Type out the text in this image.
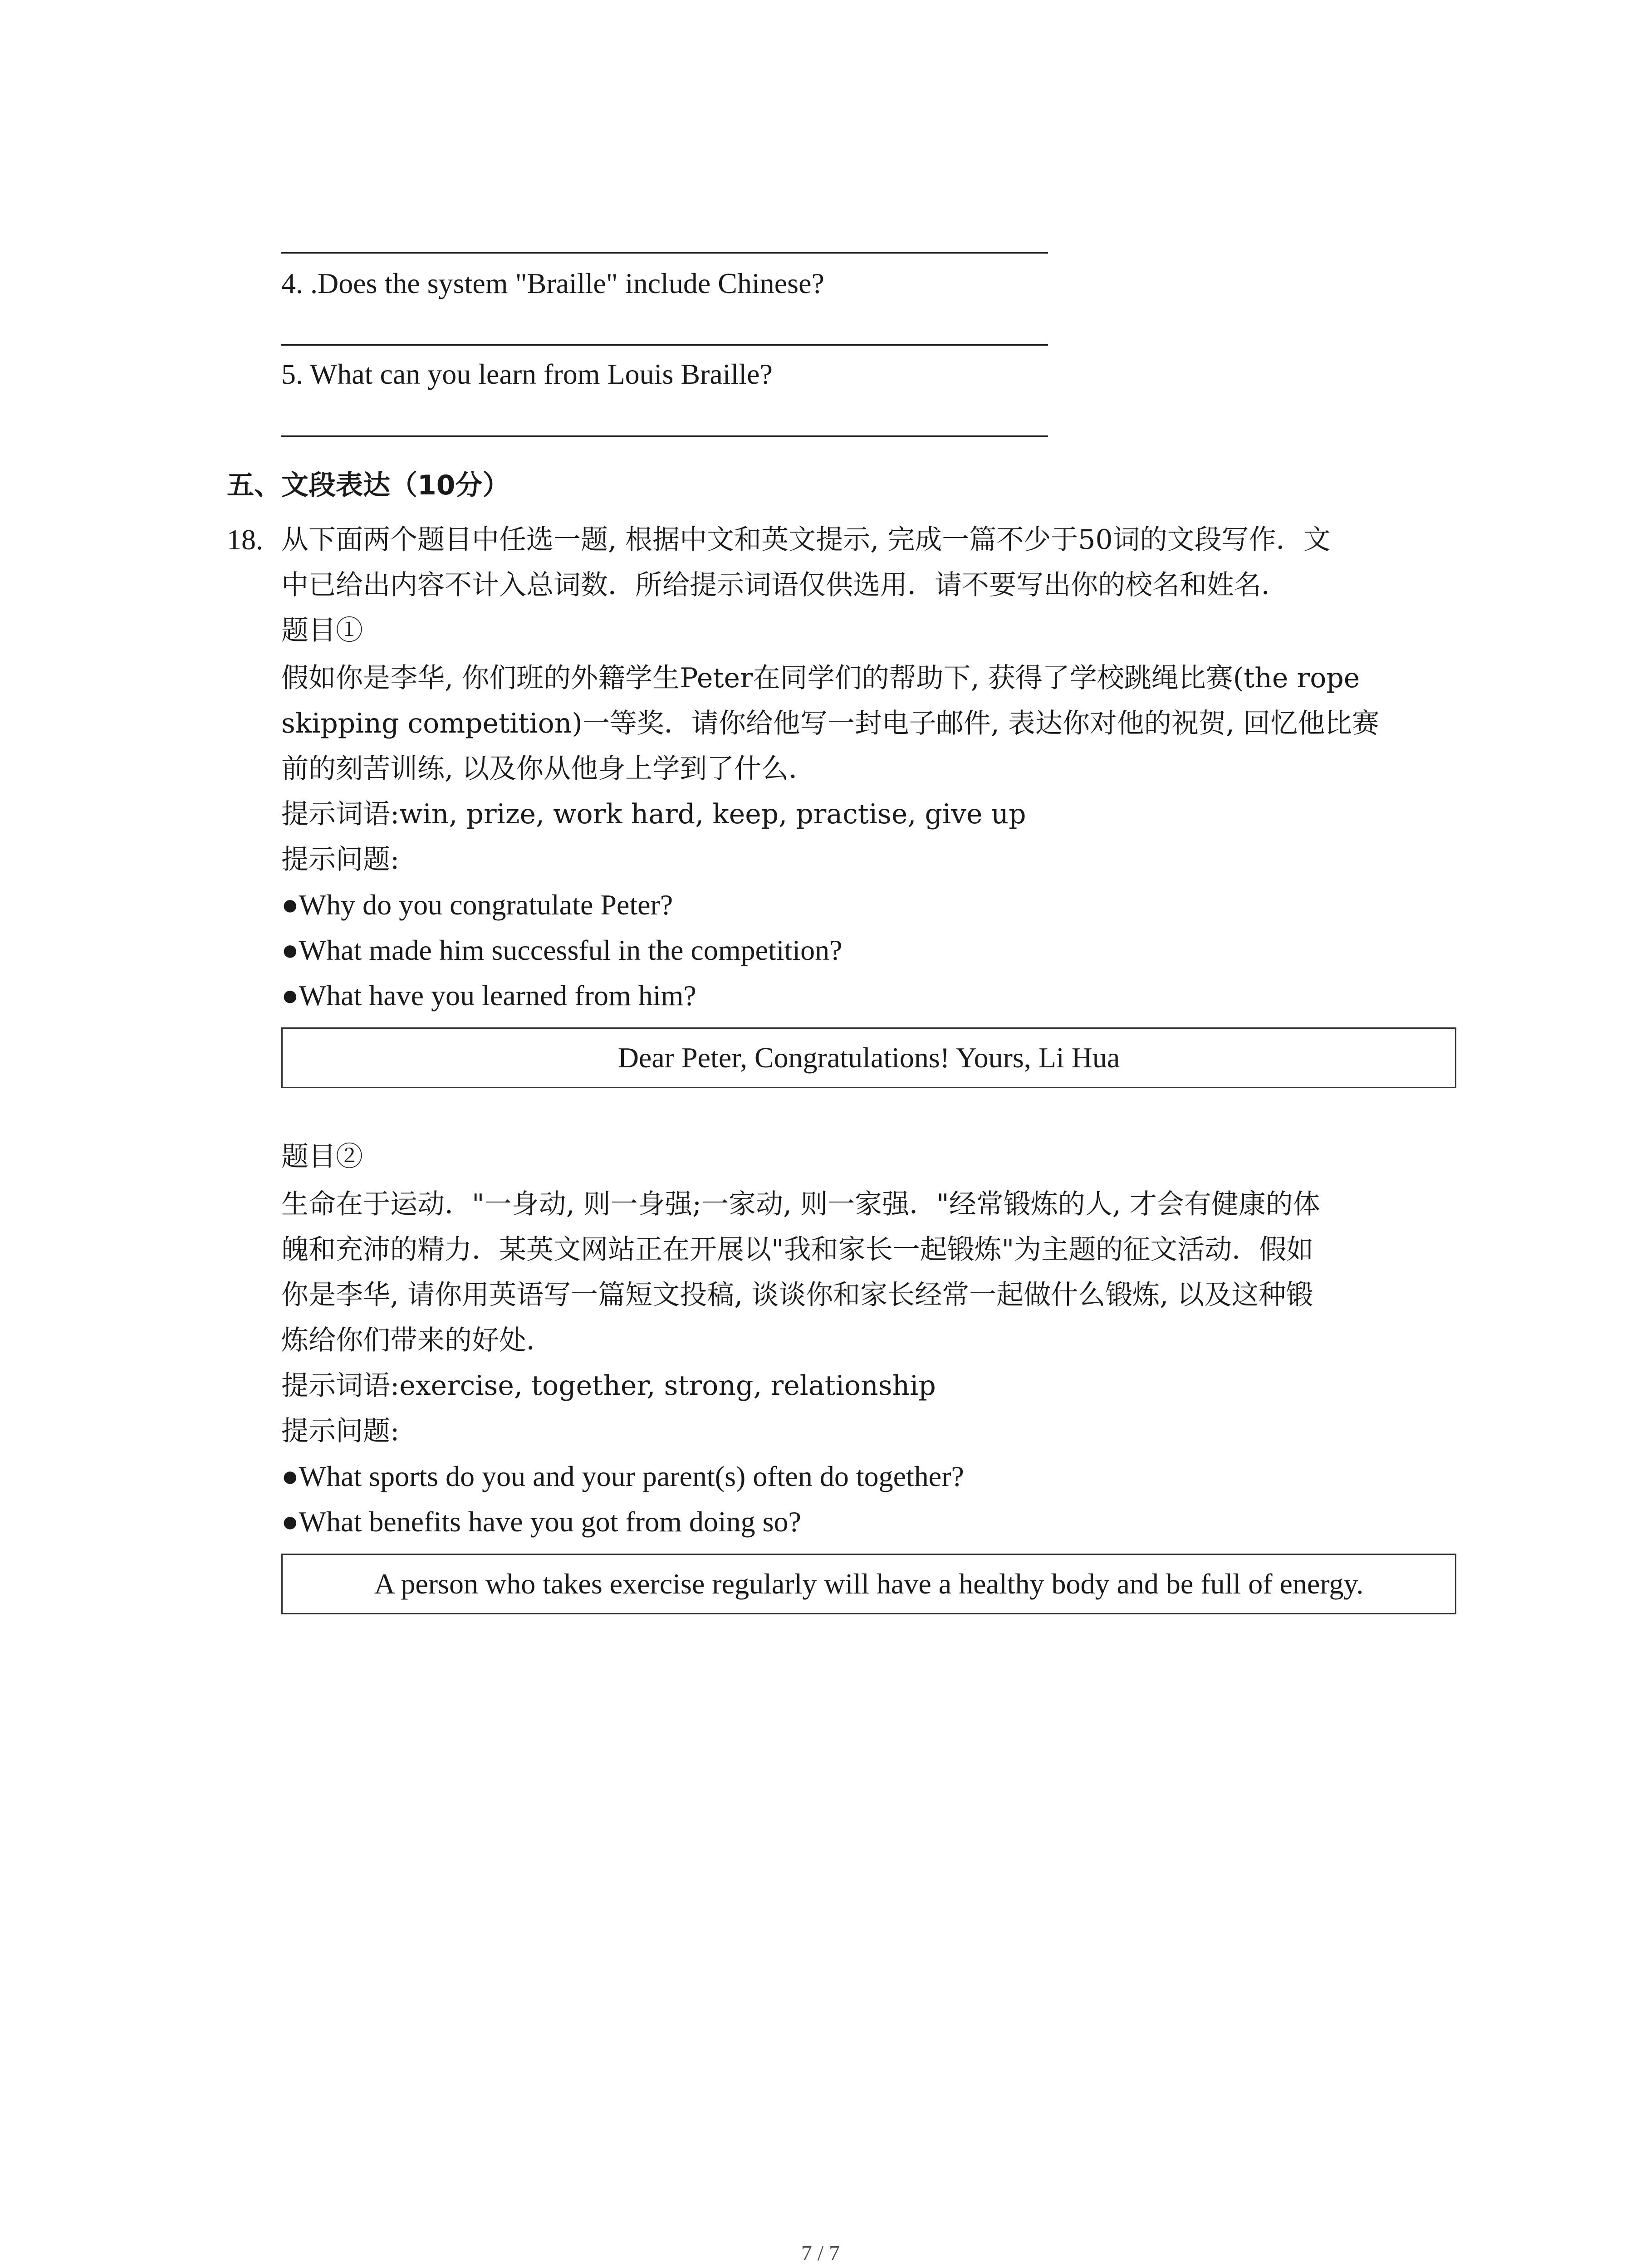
4. .Does the system "Braille" include Chinese?
5. What can you learn from Louis Braille?
五、文段表达（10分）
18. 从下面两个题目中任选一题, 根据中文和英文提示, 完成一篇不少于50词的文段写作．文
中已给出内容不计入总词数．所给提示词语仅供选用．请不要写出你的校名和姓名．
题目①
假如你是李华, 你们班的外籍学生Peter在同学们的帮助下, 获得了学校跳绳比赛(the rope
skipping competition)一等奖．请你给他写一封电子邮件, 表达你对他的祝贺, 回忆他比赛
前的刻苦训练, 以及你从他身上学到了什么．
提示词语:win, prize, work hard, keep, practise, give up
提示问题:
●Why do you congratulate Peter?
●What made him successful in the competition?
●What have you learned from him?
Dear Peter, Congratulations! Yours, Li Hua
题目②
生命在于运动．"一身动, 则一身强;一家动, 则一家强．"经常锻炼的人, 才会有健康的体
魄和充沛的精力．某英文网站正在开展以"我和家长一起锻炼"为主题的征文活动．假如
你是李华, 请你用英语写一篇短文投稿, 谈谈你和家长经常一起做什么锻炼, 以及这种锻
炼给你们带来的好处．
提示词语:exercise, together, strong, relationship
提示问题:
●What sports do you and your parent(s) often do together?
●What benefits have you got from doing so?
A person who takes exercise regularly will have a healthy body and be full of energy.
7 / 7
